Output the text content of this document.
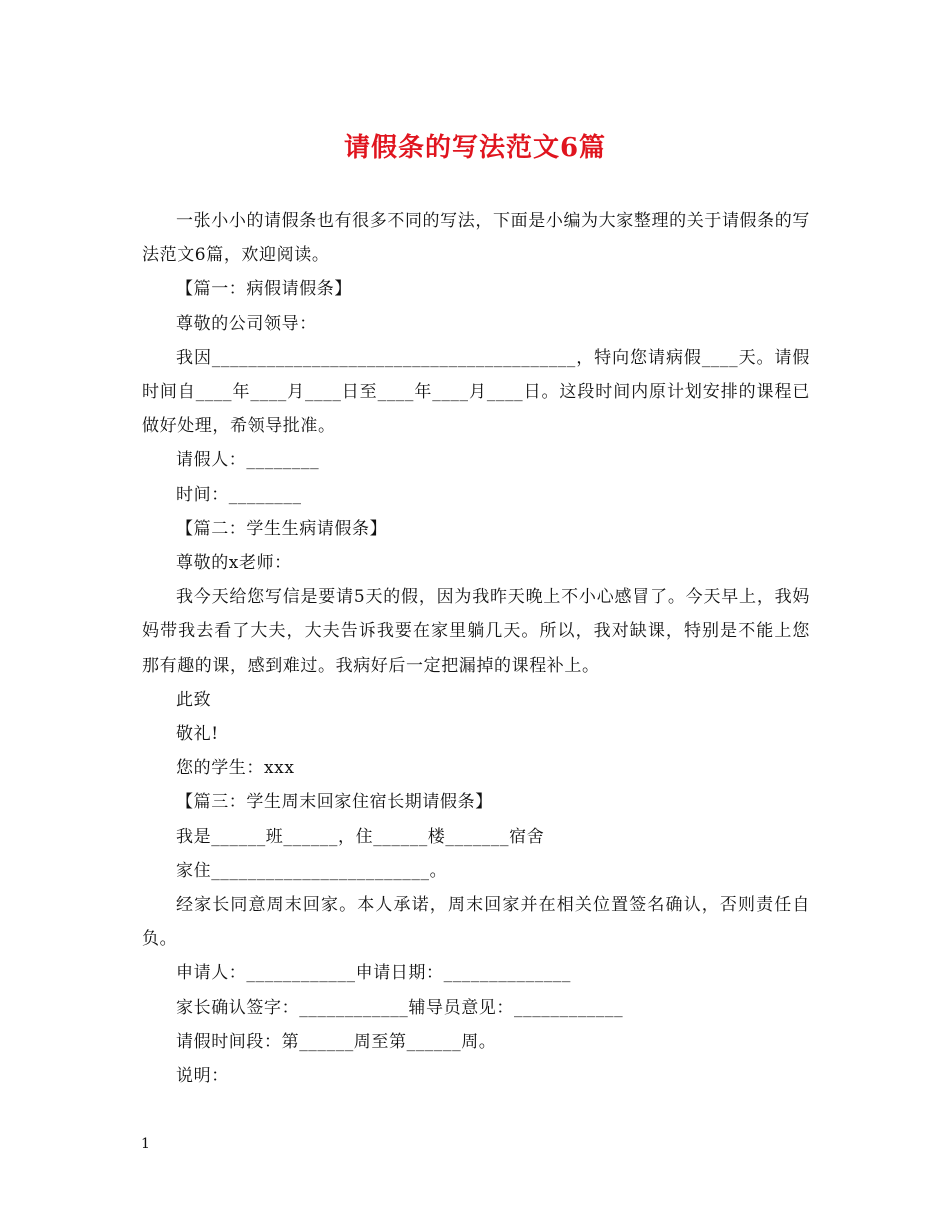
请假条的写法范文6篇

一张小小的请假条也有很多不同的写法，下面是小编为大家整理的关于请假条的写法范文6篇，欢迎阅读。

【篇一：病假请假条】

尊敬的公司领导：

我因________________________________________，特向您请病假____天。请假时间自____年____月____日至____年____月____日。这段时间内原计划安排的课程已做好处理，希领导批准。

请假人：________

时间：________

【篇二：学生生病请假条】

尊敬的x老师：

我今天给您写信是要请5天的假，因为我昨天晚上不小心感冒了。今天早上，我妈妈带我去看了大夫，大夫告诉我要在家里躺几天。所以，我对缺课，特别是不能上您那有趣的课，感到难过。我病好后一定把漏掉的课程补上。

此致

敬礼!

您的学生：xxx

【篇三：学生周末回家住宿长期请假条】

我是______班______，住______楼_______宿舍

家住________________________。

经家长同意周末回家。本人承诺，周末回家并在相关位置签名确认，否则责任自负。

申请人：____________申请日期：______________

家长确认签字：____________辅导员意见：____________

请假时间段：第______周至第______周。

说明：

1
